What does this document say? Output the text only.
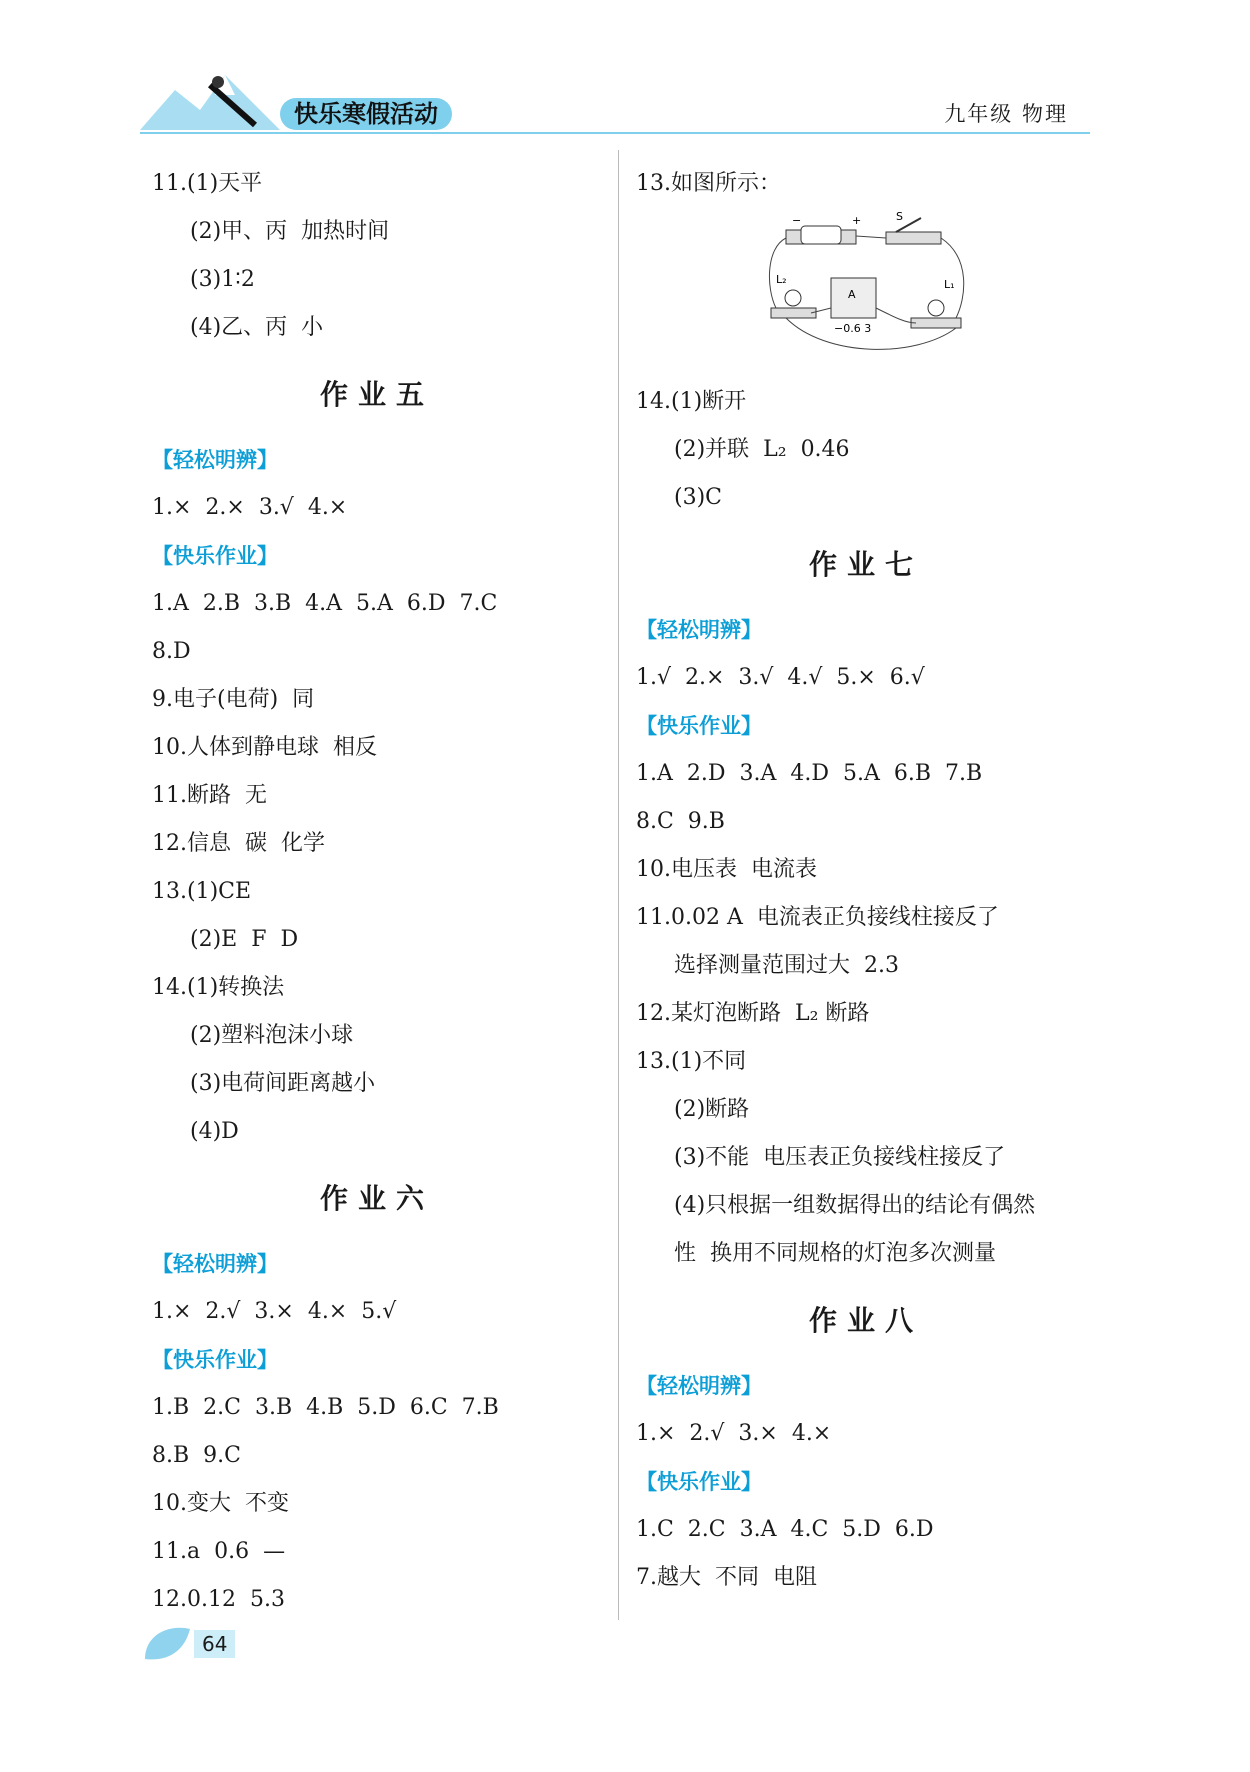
快乐寒假活动	九年级 物理
11.(1)天平
(2)甲、丙  加热时间
(3)1∶2
(4)乙、丙  小
作业五
【轻松明辨】
1.×  2.×  3.√  4.×
【快乐作业】
1.A  2.B  3.B  4.A  5.A  6.D  7.C
8.D
9.电子(电荷)  同
10.人体到静电球  相反
11.断路  无
12.信息  碳  化学
13.(1)CE
(2)E  F  D
14.(1)转换法
(2)塑料泡沫小球
(3)电荷间距离越小
(4)D
作业六
【轻松明辨】
1.×  2.√  3.×  4.×  5.√
【快乐作业】
1.B  2.C  3.B  4.B  5.D  6.C  7.B
8.B  9.C
10.变大  不变
11.a  0.6  —
12.0.12  5.3
13.如图所示：
−	+	S
L₂
A
−0.6 3
L₁
14.(1)断开
(2)并联  L₂  0.46
(3)C
作业七
【轻松明辨】
1.√  2.×  3.√  4.√  5.×  6.√
【快乐作业】
1.A  2.D  3.A  4.D  5.A  6.B  7.B
8.C  9.B
10.电压表  电流表
11.0.02 A  电流表正负接线柱接反了
选择测量范围过大  2.3
12.某灯泡断路  L₂ 断路
13.(1)不同
(2)断路
(3)不能  电压表正负接线柱接反了
(4)只根据一组数据得出的结论有偶然
性  换用不同规格的灯泡多次测量
作业八
【轻松明辨】
1.×  2.√  3.×  4.×
【快乐作业】
1.C  2.C  3.A  4.C  5.D  6.D
7.越大  不同  电阻
64
